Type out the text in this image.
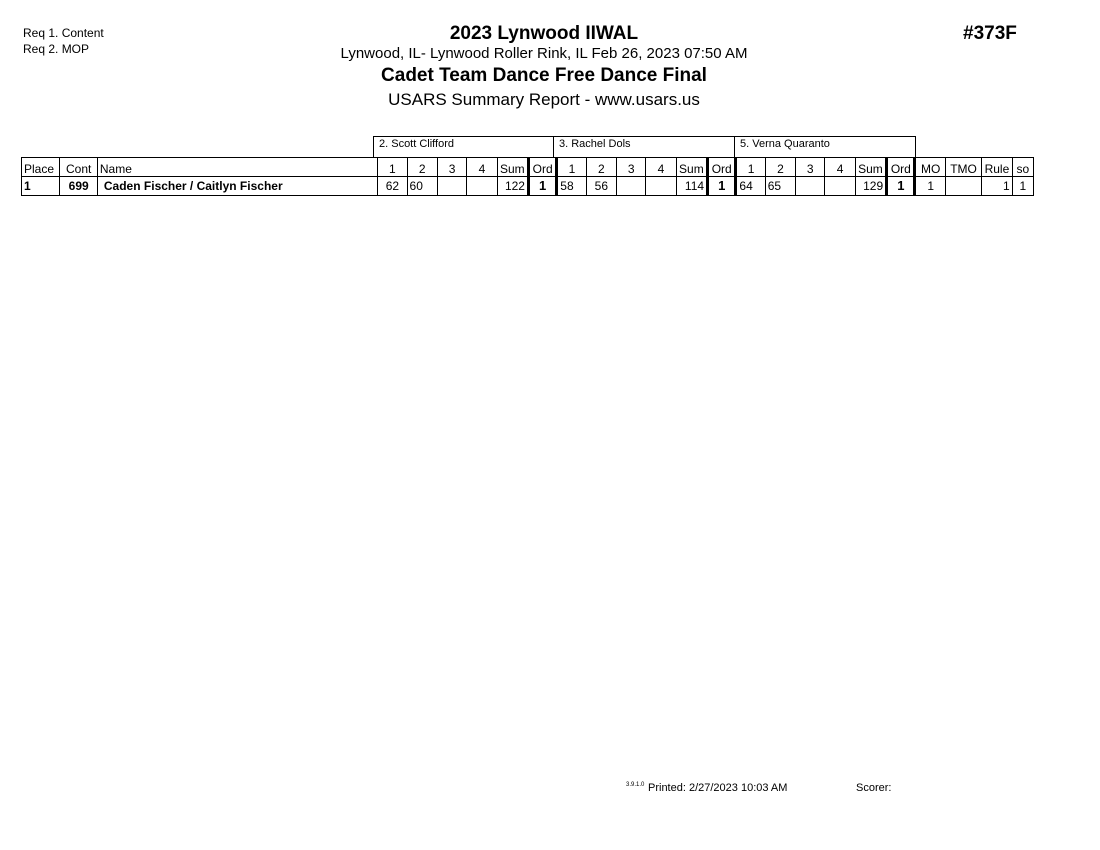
Req 1. Content
Req 2. MOP
2023 Lynwood IIWAL
Lynwood, IL- Lynwood Roller Rink, IL Feb 26, 2023 07:50 AM
Cadet Team Dance Free Dance Final
USARS Summary Report - www.usars.us
#373F
2. Scott Clifford	3. Rachel Dols	5. Verna Quaranto
Place	Cont	Name	1	2	3	4	Sum	Ord	1	2	3	4	Sum	Ord	1	2	3	4	Sum	Ord	MO	TMO	Rule	so
1	699	Caden Fischer / Caitlyn Fischer	62	60			122	1	58	56			114	1	64	65			129	1	1		1	1
3.9.1.0 Printed: 2/27/2023 10:03 AM	Scorer:
